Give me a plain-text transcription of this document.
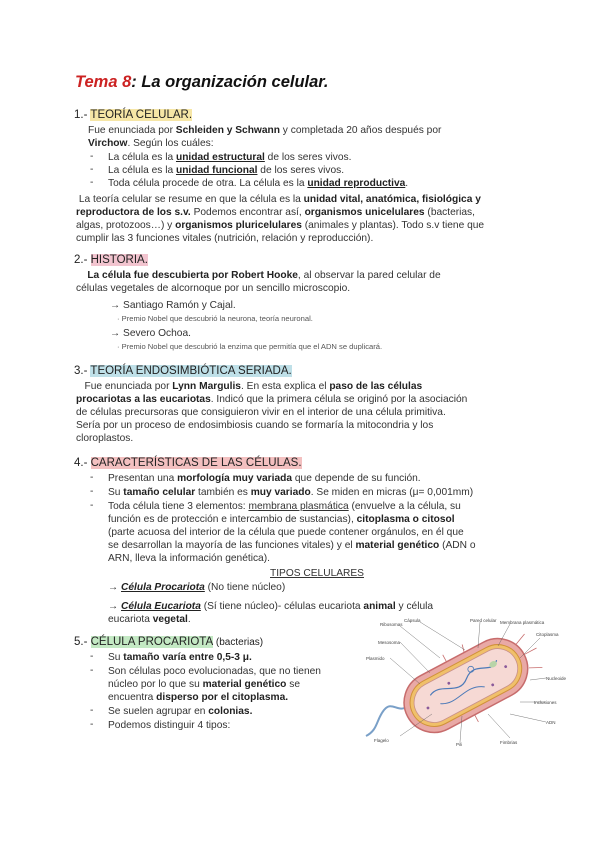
Tema 8: La organización celular.
1.- TEORÍA CELULAR.
Fue enunciada por Schleiden y Schwann y completada 20 años después por
Virchow. Según los cuáles:
- La célula es la unidad estructural de los seres vivos.
- La célula es la unidad funcional de los seres vivos.
- Toda célula procede de otra. La célula es la unidad reproductiva.
La teoría celular se resume en que la célula es la unidad vital, anatómica, fisiológica y
reproductora de los s.v. Podemos encontrar así, organismos unicelulares (bacterias,
algas, protozoos…) y organismos pluricelulares (animales y plantas). Todo s.v tiene que
cumplir las 3 funciones vitales (nutrición, relación y reproducción).
2.- HISTORIA.
La célula fue descubierta por Robert Hooke, al observar la pared celular de
células vegetales de alcornoque por un sencillo microscopio.
→ Santiago Ramón y Cajal.
· Premio Nobel que descubrió la neurona, teoría neuronal.
→ Severo Ochoa.
· Premio Nobel que descubrió la enzima que permitía que el ADN se duplicará.
3.- TEORÍA ENDOSIMBIÓTICA SERIADA.
Fue enunciada por Lynn Margulis. En esta explica el paso de las células
procariotas a las eucariotas. Indicó que la primera célula se originó por la asociación
de células precursoras que consiguieron vivir en el interior de una célula primitiva.
Sería por un proceso de endosimbiosis cuando se formaría la mitocondria y los
cloroplastos.
4.- CARACTERÍSTICAS DE LAS CÉLULAS.
- Presentan una morfología muy variada que depende de su función.
- Su tamaño celular también es muy variado. Se miden en micras (μ= 0,001mm)
- Toda célula tiene 3 elementos: membrana plasmática (envuelve a la célula, su
función es de protección e intercambio de sustancias), citoplasma o citosol
(parte acuosa del interior de la célula que puede contener orgánulos, en él que
se desarrollan la mayoría de las funciones vitales) y el material genético (ADN o
ARN, lleva la información genética).
TIPOS CELULARES
→ Célula Procariota (No tiene núcleo)
→ Célula Eucariota (Sí tiene núcleo)- células eucariota animal y célula
eucariota vegetal.
5.- CÉLULA PROCARIOTA (bacterias)
- Su tamaño varía entre 0,5-3 μ.
- Son células poco evolucionadas, que no tienen
núcleo por lo que su material genético se
encuentra disperso por el citoplasma.
- Se suelen agrupar en colonias.
- Podemos distinguir 4 tipos:
Ribosomas
Mesosoma
Plasmido
Cápsula	Pared celular Membrana plasmática
Citoplasma
Nucleoide
Inclusiones
ADN
Flagelo
Pili	Fimbrias
